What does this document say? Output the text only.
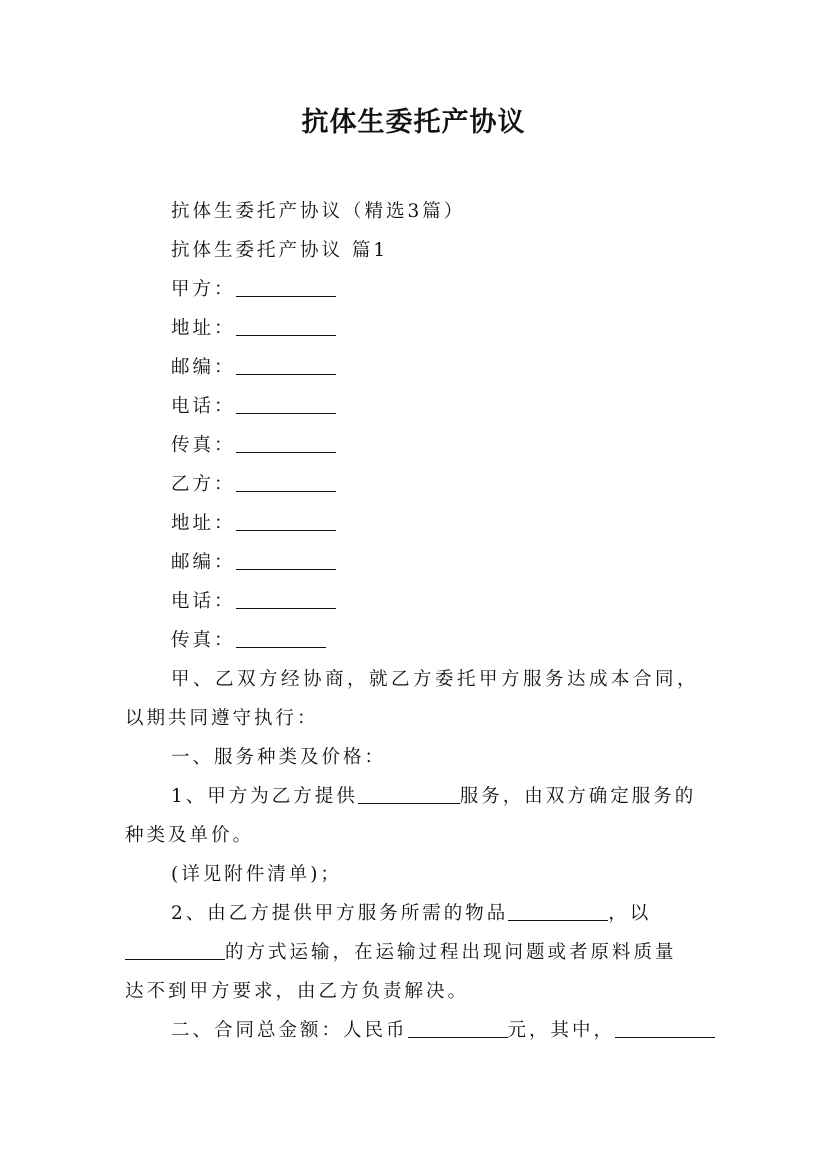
抗体生委托产协议
抗体生委托产协议（精选3篇）
抗体生委托产协议 篇1
甲方：
地址：
邮编：
电话：
传真：
乙方：
地址：
邮编：
电话：
传真：
甲、乙双方经协商，就乙方委托甲方服务达成本合同，
以期共同遵守执行：
一、服务种类及价格：
1、甲方为乙方提供	服务，由双方确定服务的
种类及单价。
(详见附件清单)；
2、由乙方提供甲方服务所需的物品	，以
的方式运输，在运输过程出现问题或者原料质量
达不到甲方要求，由乙方负责解决。
二、合同总金额：人民币	元，其中，
